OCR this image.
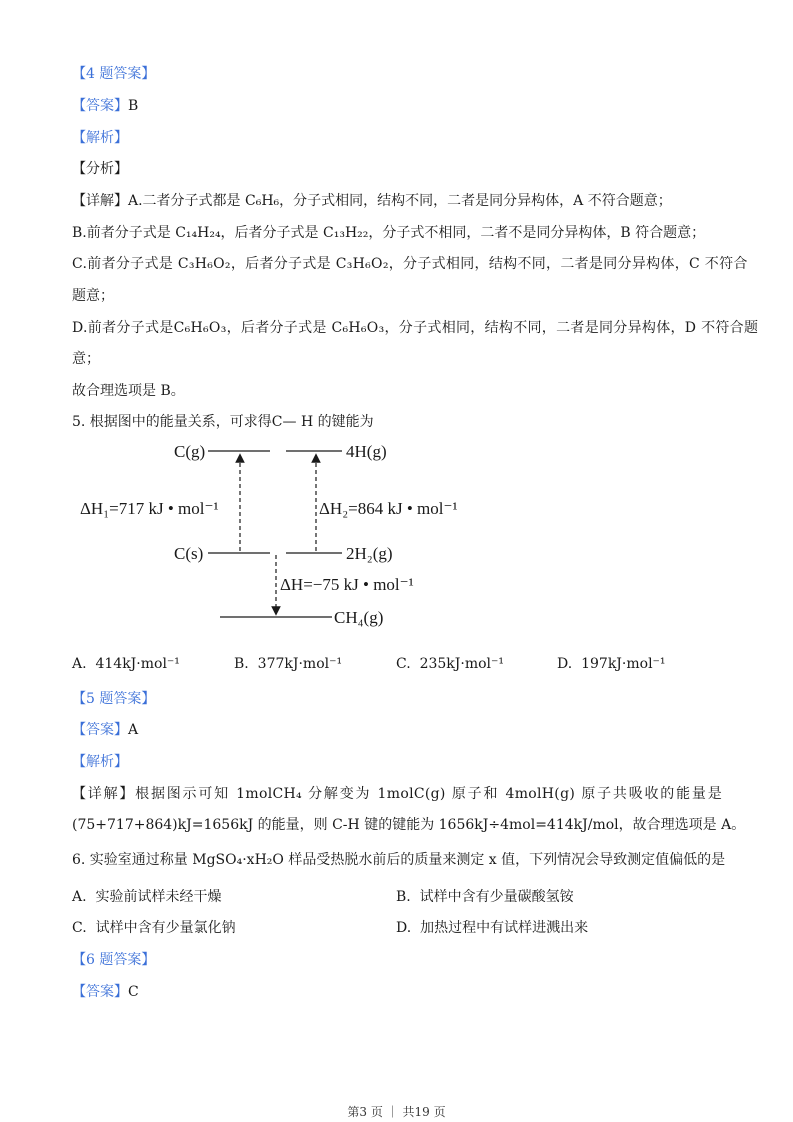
【4 题答案】
【答案】B
【解析】
【分析】
【详解】A.二者分子式都是 C₆H₆，分子式相同，结构不同，二者是同分异构体，A 不符合题意；
B.前者分子式是 C₁₄H₂₄，后者分子式是 C₁₃H₂₂，分子式不相同，二者不是同分异构体，B 符合题意；
C.前者分子式是 C₃H₆O₂，后者分子式是 C₃H₆O₂，分子式相同，结构不同，二者是同分异构体，C 不符合
题意；
D.前者分子式是C₆H₆O₃，后者分子式是 C₆H₆O₃，分子式相同，结构不同，二者是同分异构体，D 不符合题
意；
故合理选项是 B。
5. 根据图中的能量关系，可求得C— H 的键能为
C(g)	4H(g)
C(s)	2H₂(g)
CH₄(g)
ΔH₁=717 kJ • mol⁻¹	ΔH₂=864 kJ • mol⁻¹
ΔH=−75 kJ • mol⁻¹
A. 414kJ·mol⁻¹	B. 377kJ·mol⁻¹	C. 235kJ·mol⁻¹	D. 197kJ·mol⁻¹
【5 题答案】
【答案】A
【解析】
【详解】根据图示可知 1molCH₄ 分解变为 1molC(g) 原子和 4molH(g) 原子共吸收的能量是
(75+717+864)kJ=1656kJ 的能量，则 C-H 键的键能为 1656kJ÷4mol=414kJ/mol，故合理选项是 A。
6. 实验室通过称量 MgSO₄·xH₂O 样品受热脱水前后的质量来测定 x 值，下列情况会导致测定值偏低的是
A. 实验前试样未经干燥	B. 试样中含有少量碳酸氢铵
C. 试样中含有少量氯化钠	D. 加热过程中有试样进溅出来
【6 题答案】
【答案】C
第3 页 ｜ 共19 页
